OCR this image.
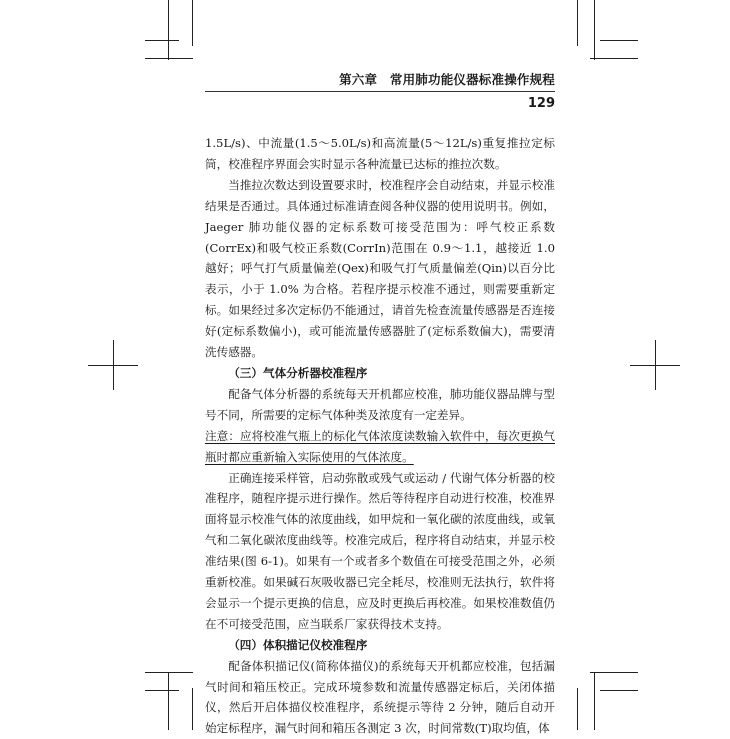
第六章　常用肺功能仪器标准操作规程
129

1.5L/s)、中流量(1.5～5.0L/s)和高流量(5～12L/s)重复推拉定标筒，校准程序界面会实时显示各种流量已达标的推拉次数。

当推拉次数达到设置要求时，校准程序会自动结束，并显示校准结果是否通过。具体通过标准请查阅各种仪器的使用说明书。例如，Jaeger 肺功能仪器的定标系数可接受范围为：呼气校正系数(CorrEx)和吸气校正系数(CorrIn)范围在 0.9～1.1，越接近 1.0 越好；呼气打气质量偏差(Qex)和吸气打气质量偏差(Qin)以百分比表示，小于 1.0% 为合格。若程序提示校准不通过，则需要重新定标。如果经过多次定标仍不能通过，请首先检查流量传感器是否连接好(定标系数偏小)，或可能流量传感器脏了(定标系数偏大)，需要清洗传感器。

（三）气体分析器校准程序

配备气体分析器的系统每天开机都应校准，肺功能仪器品牌与型号不同，所需要的定标气体种类及浓度有一定差异。

注意：应将校准气瓶上的标化气体浓度读数输入软件中，每次更换气瓶时都应重新输入实际使用的气体浓度。

正确连接采样管，启动弥散或残气或运动 / 代谢气体分析器的校准程序，随程序提示进行操作。然后等待程序自动进行校准，校准界面将显示校准气体的浓度曲线，如甲烷和一氧化碳的浓度曲线，或氧气和二氧化碳浓度曲线等。校准完成后，程序将自动结束，并显示校准结果(图 6-1)。如果有一个或者多个数值在可接受范围之外，必须重新校准。如果碱石灰吸收器已完全耗尽，校准则无法执行，软件将会显示一个提示更换的信息，应及时更换后再校准。如果校准数值仍在不可接受范围，应当联系厂家获得技术支持。

（四）体积描记仪校准程序

配备体积描记仪(简称体描仪)的系统每天开机都应校准，包括漏气时间和箱压校正。完成环境参数和流量传感器定标后，关闭体描仪，然后开启体描仪校准程序，系统提示等待 2 分钟，随后自动开始定标程序，漏气时间和箱压各测定 3 次，时间常数(T)取均值，体
